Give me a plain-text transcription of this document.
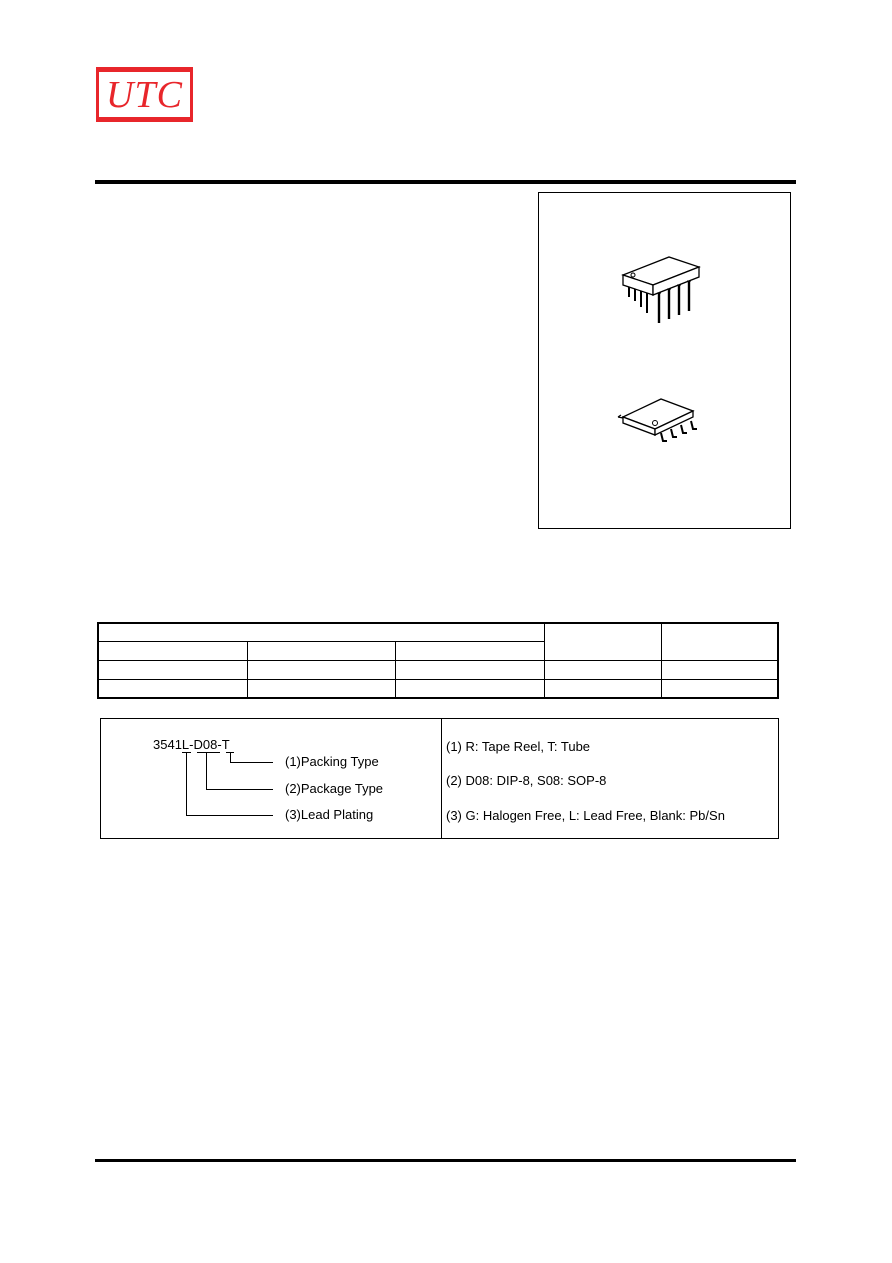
UTC

3541L-D08-T
(1)Packing Type
(2)Package Type
(3)Lead Plating
(1) R: Tape Reel, T: Tube
(2) D08: DIP-8, S08: SOP-8
(3) G: Halogen Free, L: Lead Free, Blank: Pb/Sn
